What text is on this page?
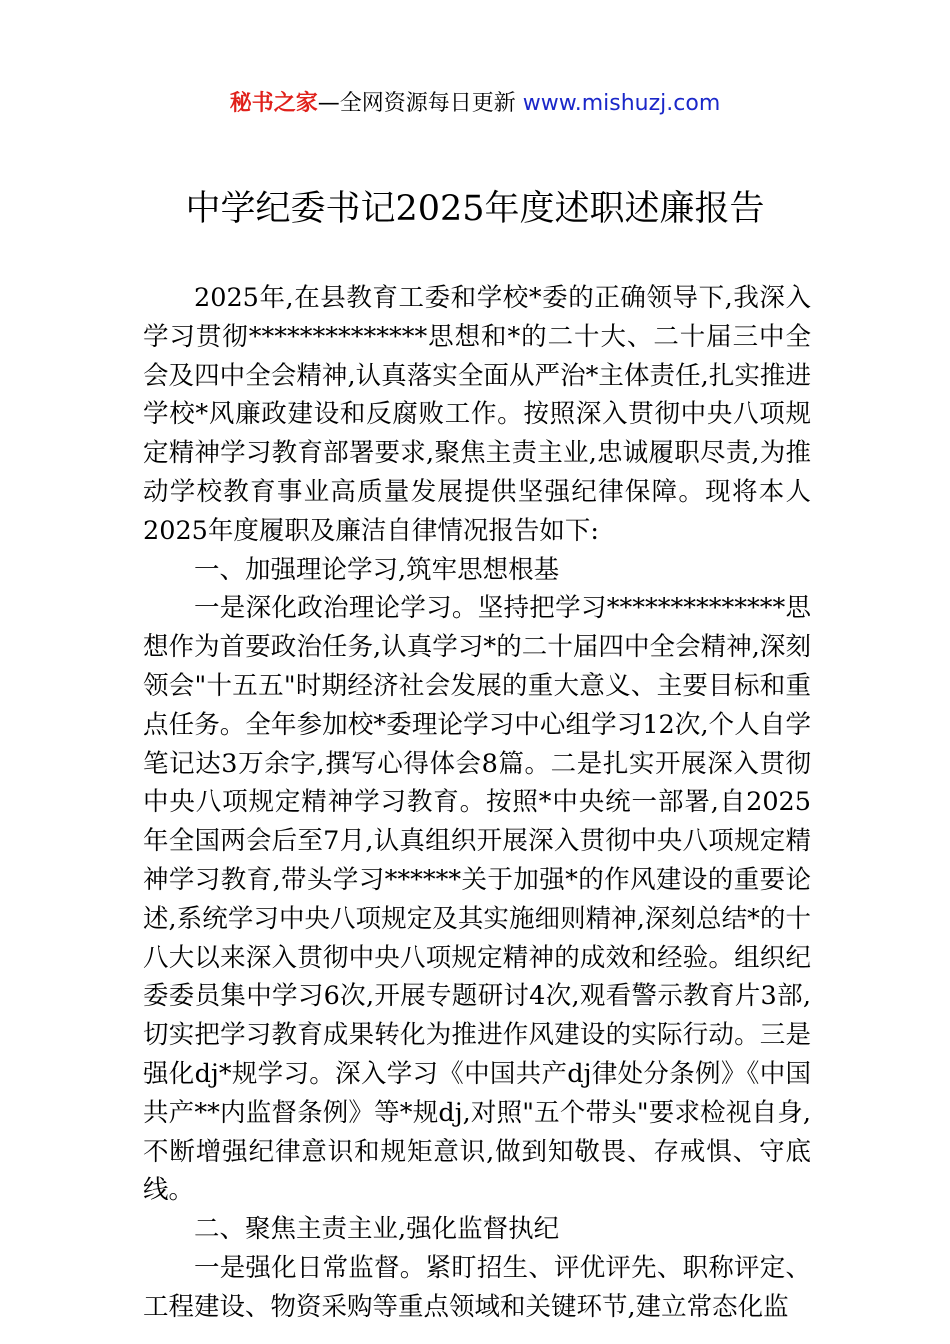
秘书之家—全网资源每日更新 www.mishuzj.com
中学纪委书记2025年度述职述廉报告

2025年,在县教育工委和学校*委的正确领导下,我深入学习贯彻**************思想和*的二十大、二十届三中全会及四中全会精神,认真落实全面从严治*主体责任,扎实推进学校*风廉政建设和反腐败工作。按照深入贯彻中央八项规定精神学习教育部署要求,聚焦主责主业,忠诚履职尽责,为推动学校教育事业高质量发展提供坚强纪律保障。现将本人2025年度履职及廉洁自律情况报告如下:

一、加强理论学习,筑牢思想根基

一是深化政治理论学习。坚持把学习**************思想作为首要政治任务,认真学习*的二十届四中全会精神,深刻领会"十五五"时期经济社会发展的重大意义、主要目标和重点任务。全年参加校*委理论学习中心组学习12次,个人自学笔记达3万余字,撰写心得体会8篇。二是扎实开展深入贯彻中央八项规定精神学习教育。按照*中央统一部署,自2025年全国两会后至7月,认真组织开展深入贯彻中央八项规定精神学习教育,带头学习******关于加强*的作风建设的重要论述,系统学习中央八项规定及其实施细则精神,深刻总结*的十八大以来深入贯彻中央八项规定精神的成效和经验。组织纪委委员集中学习6次,开展专题研讨4次,观看警示教育片3部,切实把学习教育成果转化为推进作风建设的实际行动。三是强化dj*规学习。深入学习《中国共产dj律处分条例》《中国共产**内监督条例》等*规dj,对照"五个带头"要求检视自身,不断增强纪律意识和规矩意识,做到知敬畏、存戒惧、守底线。

二、聚焦主责主业,强化监督执纪

一是强化日常监督。紧盯招生、评优评先、职称评定、工程建设、物资采购等重点领域和关键环节,建立常态化监
